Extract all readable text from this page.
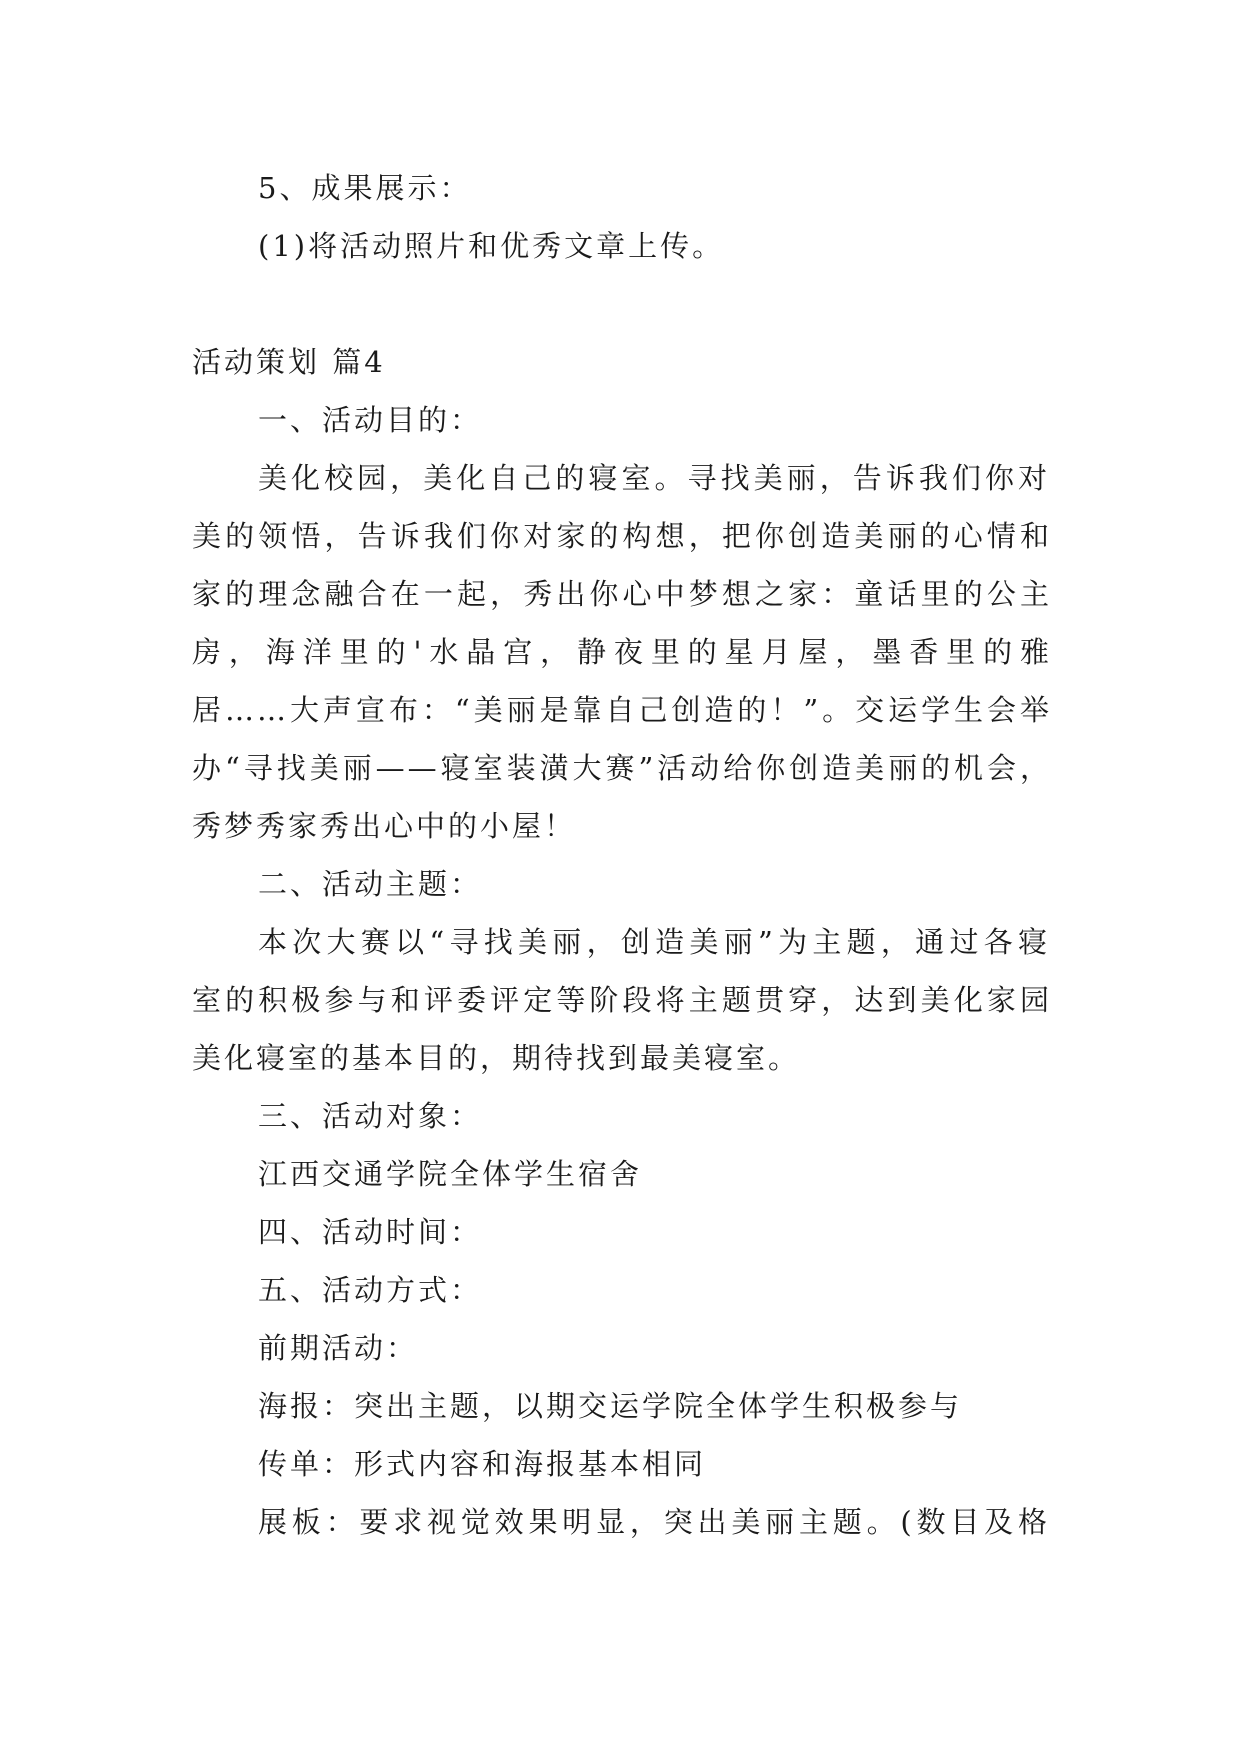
5、成果展示：
(1)将活动照片和优秀文章上传。
活动策划 篇4
一、活动目的：
美化校园，美化自己的寝室。寻找美丽，告诉我们你对
美的领悟，告诉我们你对家的构想，把你创造美丽的心情和
家的理念融合在一起，秀出你心中梦想之家：童话里的公主
房，海洋里的'水晶宫，静夜里的星月屋，墨香里的雅
居……大声宣布：“美丽是靠自己创造的！”。交运学生会举
办“寻找美丽——寝室装潢大赛”活动给你创造美丽的机会，
秀梦秀家秀出心中的小屋！
二、活动主题：
本次大赛以“寻找美丽，创造美丽”为主题，通过各寝
室的积极参与和评委评定等阶段将主题贯穿，达到美化家园
美化寝室的基本目的，期待找到最美寝室。
三、活动对象：
江西交通学院全体学生宿舍
四、活动时间：
五、活动方式：
前期活动：
海报：突出主题，以期交运学院全体学生积极参与
传单：形式内容和海报基本相同
展板：要求视觉效果明显，突出美丽主题。(数目及格
